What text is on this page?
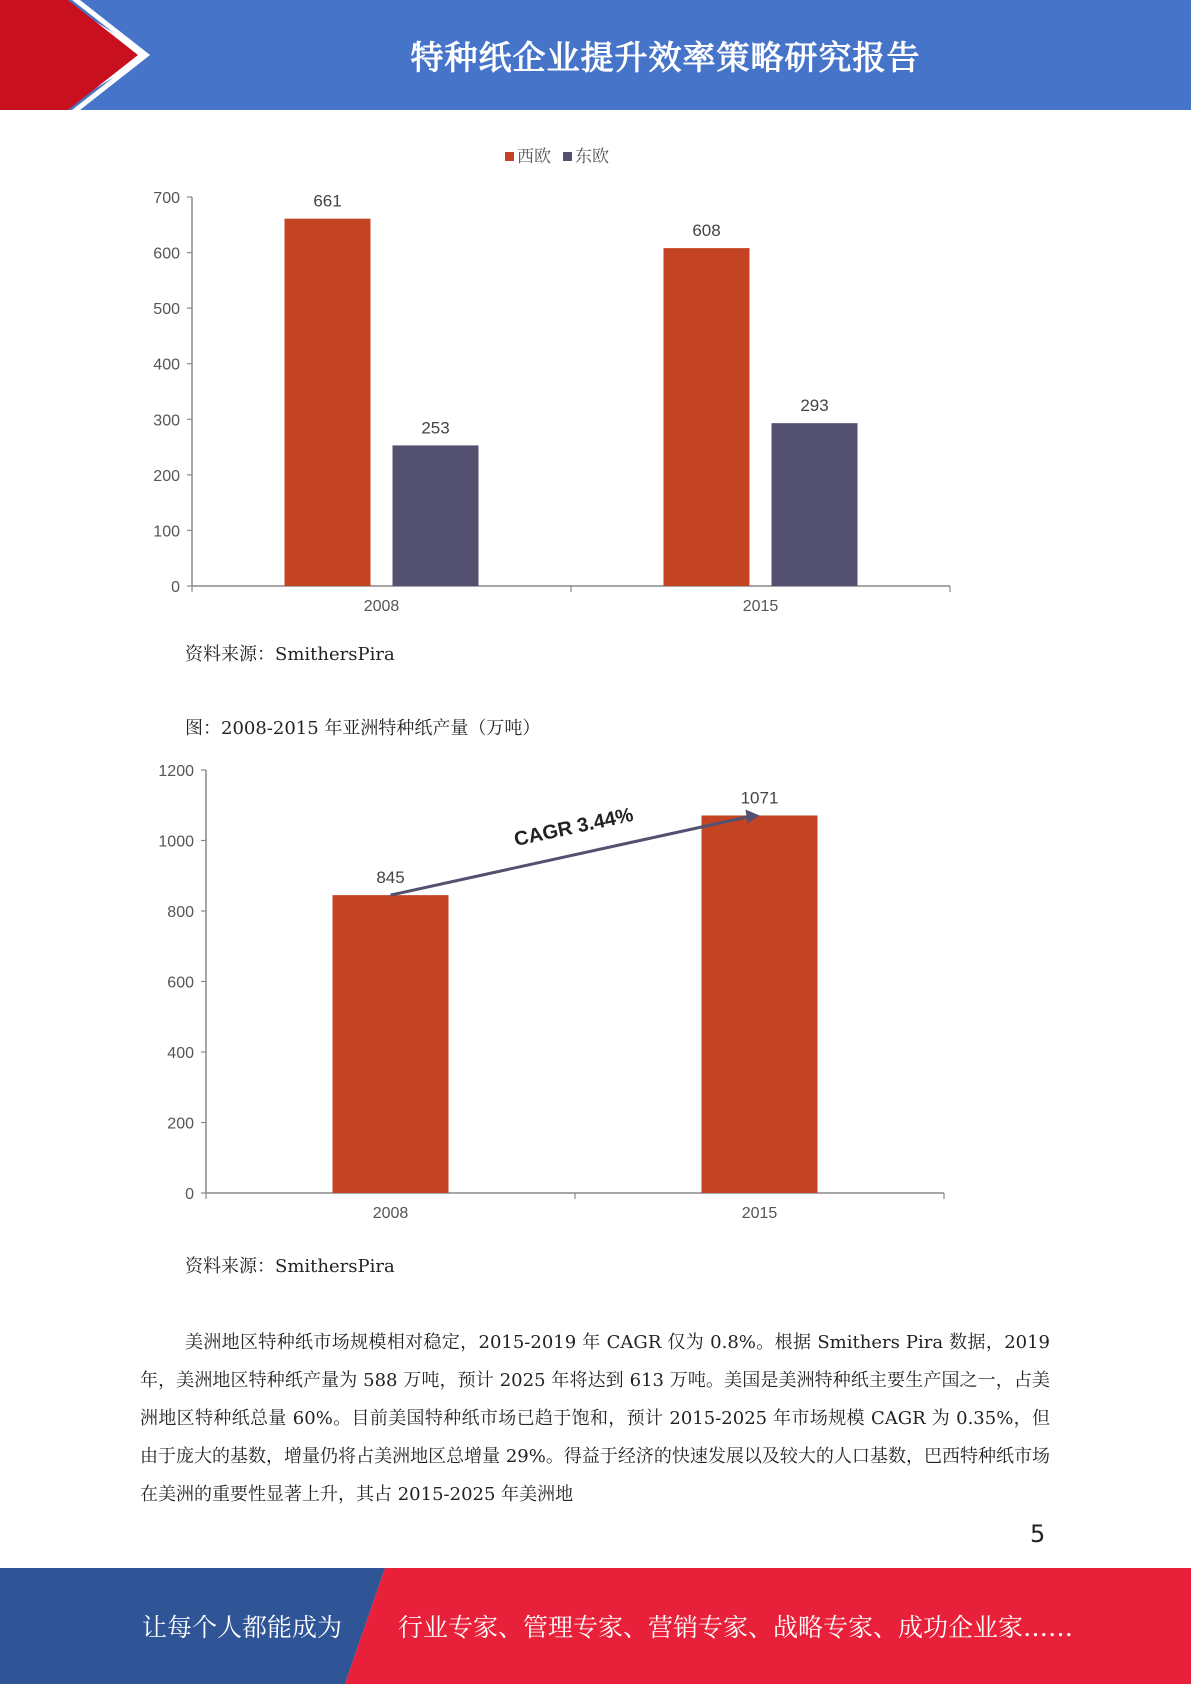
特种纸企业提升效率策略研究报告
0
100
200
300
400
500
600
700
2008
661
253
2015
608
293
西欧 东欧
资料来源：SmithersPira
图：2008-2015 年亚洲特种纸产量（万吨）
0
200
400
600
800
1000
1200
2008
845
2015
1071
CAGR 3.44%
资料来源：SmithersPira

美洲地区特种纸市场规模相对稳定，2015-2019 年 CAGR 仅为 0.8%。根据 Smithers Pira 数据，2019 年，美洲地区特种纸产量为 588 万吨，预计 2025 年将达到 613 万吨。美国是美洲特种纸主要生产国之一，占美洲地区特种纸总量 60%。目前美国特种纸市场已趋于饱和，预计 2015-2025 年市场规模 CAGR 为 0.35%，但由于庞大的基数，增量仍将占美洲地区总增量 29%。得益于经济的快速发展以及较大的人口基数，巴西特种纸市场在美洲的重要性显著上升，其占 2015-2025 年美洲地

5
让每个人都能成为 行业专家、管理专家、营销专家、战略专家、成功企业家……
